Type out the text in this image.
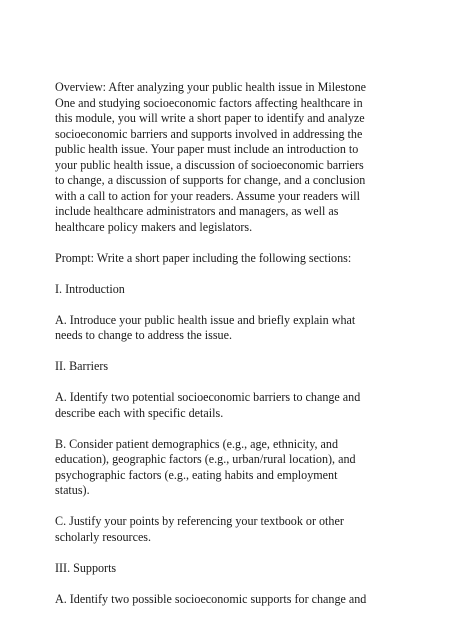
Overview: After analyzing your public health issue in Milestone
One and studying socioeconomic factors affecting healthcare in
this module, you will write a short paper to identify and analyze
socioeconomic barriers and supports involved in addressing the
public health issue. Your paper must include an introduction to
your public health issue, a discussion of socioeconomic barriers
to change, a discussion of supports for change, and a conclusion
with a call to action for your readers. Assume your readers will
include healthcare administrators and managers, as well as
healthcare policy makers and legislators.
Prompt: Write a short paper including the following sections:
I. Introduction
A. Introduce your public health issue and briefly explain what
needs to change to address the issue.
II. Barriers
A. Identify two potential socioeconomic barriers to change and
describe each with specific details.
B. Consider patient demographics (e.g., age, ethnicity, and
education), geographic factors (e.g., urban/rural location), and
psychographic factors (e.g., eating habits and employment
status).
C. Justify your points by referencing your textbook or other
scholarly resources.
III. Supports
A. Identify two possible socioeconomic supports for change and
